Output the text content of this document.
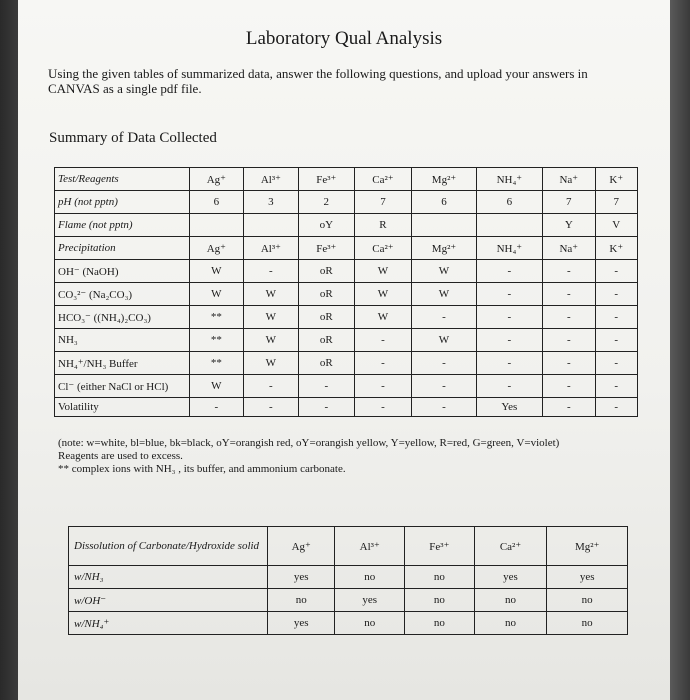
Laboratory Qual Analysis
Using the given tables of summarized data, answer the following questions, and upload your answers in CANVAS as a single pdf file.
Summary of Data Collected
Test/Reagents	Ag⁺	Al³⁺	Fe³⁺	Ca²⁺	Mg²⁺	NH₄⁺	Na⁺	K⁺
pH (not pptn)	6	3	2	7	6	6	7	7
Flame (not pptn)			oY	R			Y	V
Precipitation	Ag⁺	Al³⁺	Fe³⁺	Ca²⁺	Mg²⁺	NH₄⁺	Na⁺	K⁺
OH⁻ (NaOH)	W	-	oR	W	W	-	-	-
CO₃²⁻ (Na₂CO₃)	W	W	oR	W	W	-	-	-
HCO₃⁻ ((NH₄)₂CO₃)	**	W	oR	W	-	-	-	-
NH₃	**	W	oR	-	W	-	-	-
NH₄⁺/NH₃ Buffer	**	W	oR	-	-	-	-	-
Cl⁻ (either NaCl or HCl)	W	-	-	-	-	-	-	-
Volatility	-	-	-	-	-	Yes	-	-
(note: w=white, bl=blue, bk=black, oY=orangish red, oY=orangish yellow, Y=yellow, R=red, G=green, V=violet)
Reagents are used to excess.
** complex ions with NH₃ , its buffer, and ammonium carbonate.
Dissolution of Carbonate/Hydroxide solid	Ag⁺	Al³⁺	Fe³⁺	Ca²⁺	Mg²⁺
w/NH₃	yes	no	no	yes	yes
w/OH⁻	no	yes	no	no	no
w/NH₄⁺	yes	no	no	no	no
